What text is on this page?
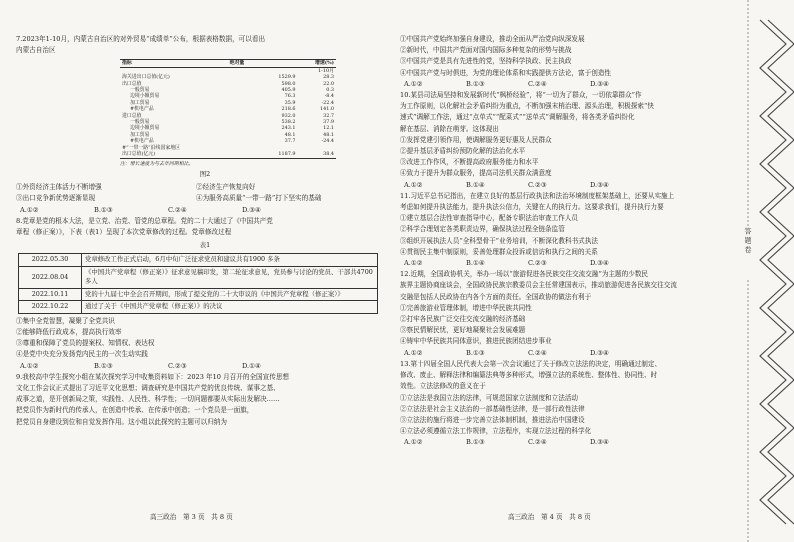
7.2023年1-10月，内蒙古自治区的对外贸易“成绩单”公布，根据表格数据，可以看出

内蒙古自治区

指标	绝对量	增速(%)
	1-10月	
海关进出口总值(亿元)	1529.9	28.3
出口总值	598.0	22.0
一般贸易	405.9	0.3
边境小额贸易	76.3	-8.4
加工贸易	35.9	-22.4
#机电产品	218.6	141.0
进口总值	932.0	32.7
一般贸易	538.2	37.9
边境小额贸易	243.1	12.1
加工贸易	48.1	48.1
#机电产品	37.7	-24.4
#“一带一路”沿线国家地区		
出口总值(亿元)	1187.9	38.4
注：增长速度为与去年同期相比。
图2

①外资经济主体活力不断增强	②经济生产恢复向好

③出口竞争新优势逐渐显现	④为服务高质量“一带一路”打下坚实的基础

A.①②	B.①③	C.②④	D.③④

8.党章是党的根本大法，是立党、治党、管党的总章程。党的二十大通过了《中国共产党

章程（修正案）》，下表（表1）呈现了本次党章修改的过程。党章修改过程

表1
2022.05.30	党章修改工作正式启动，6月中旬广泛征求党员和建议共有1900 多条
2022.08.04	《中国共产党章程（修正案）》征求意见稿印发，第二轮征求意见，党员参与讨论的党员、干部共4700 多人
2022.10.11	党的十九届七中全会召开期间，形成了提交党的二十大审议的《中国共产党章程（修正案）》
2022.10.22	通过了关于《中国共产党章程（修正案）》的决议

①集中全党智慧，凝聚了全党共识

②能够降低行政成本，提高执行效率

③尊重和保障了党员的提案权、知情权、表达权

④是党中央充分发扬党内民主的一次生动实践

A.①②	B.①③	C.②③	D.①④

9.我校高中学生探究小组在某次探究学习中收集资料如下：2023 年10 月召开的全国宣传思想

文化工作会议正式提出了习近平文化思想；调查研究是中国共产党的优良传统、谋事之基、

成事之道，是开创新局之策，实践性、人民性、科学性；一切问题都要从实际出发解决……

把党员作为新时代的传承人，在创造中传承、在传承中创造；一个党员是一面旗，

把党员自身建设到位和自觉发挥作用。这小组以此探究的主题可以归纳为

①中国共产党始终加强自身建设，推动全面从严治党向纵深发展

②新时代，中国共产党面对国内国际多种复杂的形势与挑战

③中国共产党是具有先进性的党，坚持科学执政、民主执政

④中国共产党与时俱进，为党的理论体系和实践提供方法论，富于创造性

A.①②	B.①③	C.②④	D.③④

10.某县司法局坚持和发展新时代“枫桥经验”，将“一切为了群众，一切依靠群众”作

为工作原则，以化解社会矛盾纠纷为重点，不断加强末梢治理、源头治理，积极探索“快

速式”调解工作法，通过“点单式”“配菜式”“送单式”调解服务，将各类矛盾纠纷化

解在基层、消除在萌芽。这体现出

①发挥党建引领作用，使调解服务更好惠及人民群众

②提升基层矛盾纠纷预防化解的法治化水平

③改进工作作风，不断提高政府服务能力和水平

④致力于提升为群众服务，提高司法机关群众满意度

A.①②	B.①④	C.②③	D.③④

11.习近平总书记指出，在建立良好的基层行政执法和法治环境制度框架基础上，还要从实施上

考虑如何提升执法能力，提升执法公信力，关键在人的执行力。这要求我们，提升执行力要

①建立基层合法性审查指导中心，配备专职法治审查工作人员

②科学合理划定各类职责边界，确保执法过程全链条监管

③组织开展执法人员“全科型骨干”业务培训，不断深化教科书式执法

④贯彻民主集中制原则，妥善处理群众投诉或信访和执行之间的关系

A.①②	B.①④	C.②③	D.③④

12.近期，全国政协机关，举办一场以“旅游促进各民族交往交流交融”为主题的少数民

族界主题协商座谈会，全国政协民族宗教委员会主任常建国表示，推动旅游促进各民族交往交流

交融是包括人民政协在内各个方面的责任。全国政协的做法有利于

①完善旅游业管理体制，增进中华民族共同性

②打牢各民族广泛交往交流交融的经济基础

③察民情解民忧，更好地凝聚社会发展难题

④铸牢中华民族共同体意识，推进民族团结进步事业

A.①②	B.①③	C.②④	D.③④

13.第十四届全国人民代表大会第一次会议通过了关于修改立法法的决定，明确通过制定、

修改、废止、解释法律和编纂法典等多种形式，增强立法的系统性、整体性、协同性、时

效性。立法法修改的意义在于

①立法法是我国立法的法律，可规范国家立法制度和立法活动

②立法法是社会主义法治的一部基础性法律，是一部行政性法律

③立法法的施行将进一步完善立法体制机制，推进法治中国建设

④立法必须遵循立法工作规律，立法程序，实现立法过程的科学化

A.①②	B.①③	C.②④	D.③④
高三政治　第 3 页　共 8 页	高三政治　第 4 页　共 8 页
答 题 卷
